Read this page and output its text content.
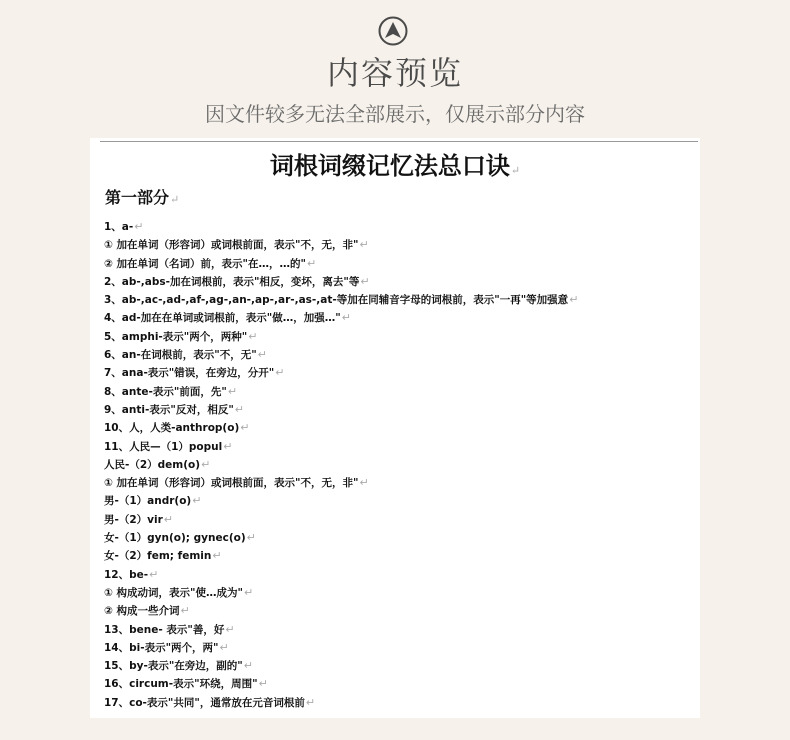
内容预览
因文件较多无法全部展示，仅展示部分内容
词根词缀记忆法总口诀↵
第一部分↵
1、a-↵
① 加在单词（形容词）或词根前面，表示"不，无，非"↵
② 加在单词（名词）前，表示"在…，…的"↵
2、ab-,abs-加在词根前，表示"相反，变坏，离去"等↵
3、ab-,ac-,ad-,af-,ag-,an-,ap-,ar-,as-,at-等加在同辅音字母的词根前，表示"一再"等加强意↵
4、ad-加在在单词或词根前，表示"做…，加强…"↵
5、amphi-表示"两个，两种"↵
6、an-在词根前，表示"不，无"↵
7、ana-表示"错误，在旁边，分开"↵
8、ante-表示"前面，先"↵
9、anti-表示"反对，相反"↵
10、人，人类-anthrop(o)↵
11、人民—（1）popul↵
人民-（2）dem(o)↵
① 加在单词（形容词）或词根前面，表示"不，无，非"↵
男-（1）andr(o)↵
男-（2）vir↵
女-（1）gyn(o); gynec(o)↵
女-（2）fem; femin↵
12、be-↵
① 构成动词，表示"使…成为"↵
② 构成一些介词↵
13、bene- 表示"善，好↵
14、bi-表示"两个，两"↵
15、by-表示"在旁边，副的"↵
16、circum-表示"环绕，周围"↵
17、co-表示"共同"，通常放在元音词根前↵
